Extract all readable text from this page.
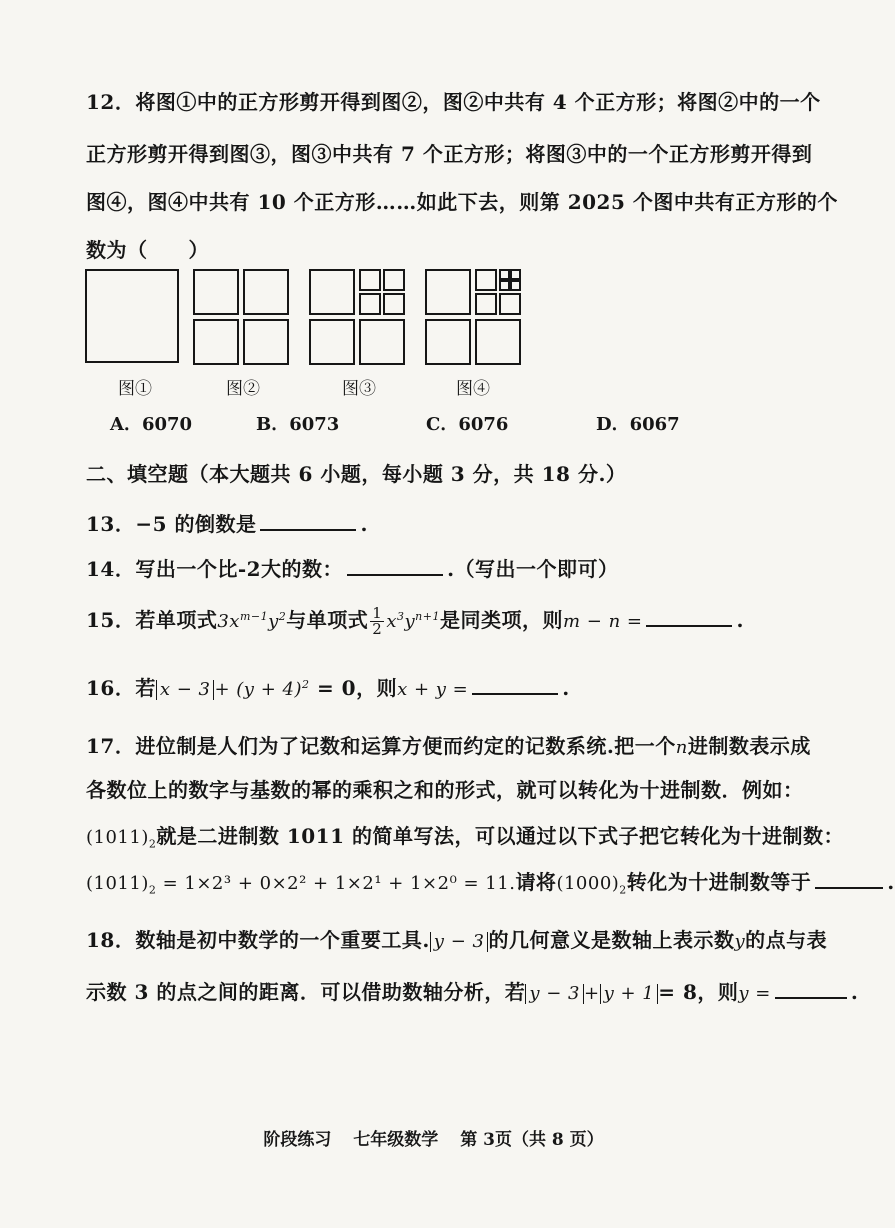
12．将图①中的正方形剪开得到图②，图②中共有 4 个正方形；将图②中的一个
正方形剪开得到图③，图③中共有 7 个正方形；将图③中的一个正方形剪开得到
图④，图④中共有 10 个正方形……如此下去，则第 2025 个图中共有正方形的个
数为（　　）
图①	图②	图③	图④
A．6070	B．6073	C．6076	D．6067
二、填空题（本大题共 6 小题，每小题 3 分，共 18 分.）
13．−5 的倒数是	.
14．写出一个比-2大的数：	.（写出一个即可）
15．若单项式$3x^{m-1}y^2$与单项式 $\frac{1}{2} x^3y^{n+1}$是同类项，则m − n =	.
16．若 $x - 3 + (y + 4)^2 = 0$，则x + y =	.
17．进位制是人们为了记数和运算方便而约定的记数系统.把一个n进制数表示成
各数位上的数字与基数的幂的乘积之和的形式，就可以转化为十进制数．例如：
$(1011)_2$就是二进制数 1011 的简单写法，可以通过以下式子把它转化为十进制数：
$(1011)_2 = 1\times 2^3 + 0\times 2^2 + 1\times 2^1 + 1\times 2^0 = 11$.请将$(1000)_2$转化为十进制数等于	.
18．数轴是初中数学的一个重要工具. y − 3 的几何意义是数轴上表示数y的点与表
示数 3 的点之间的距离．可以借助数轴分析，若 y − 3 + y + 1 = 8，则y =	.
阶段练习 七年级数学 第 3页（共 8 页）
